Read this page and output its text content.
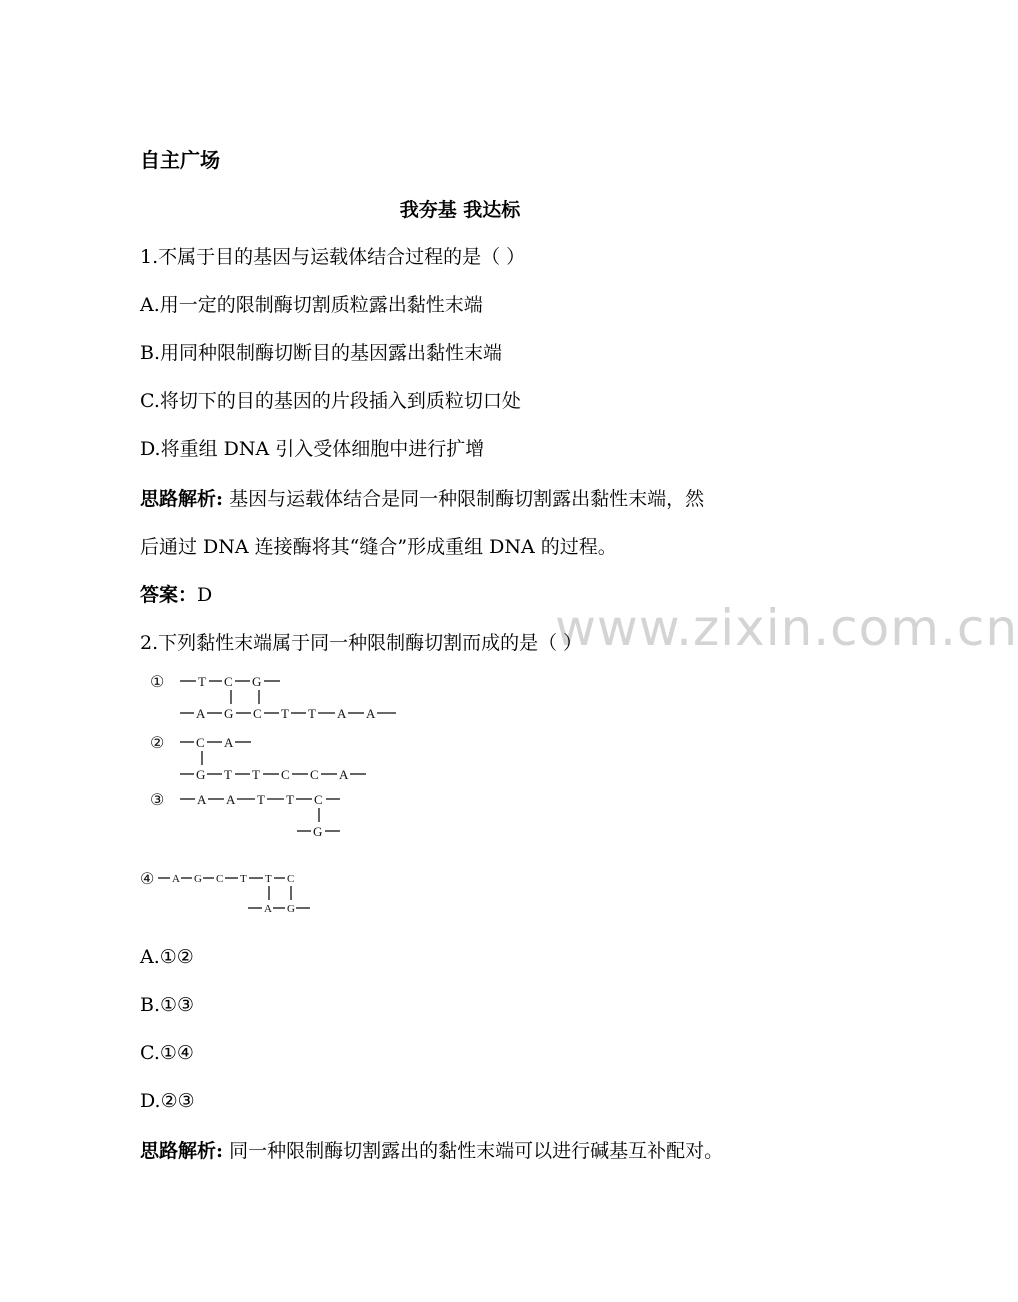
www.zixin.com.cn
自主广场
我夯基 我达标
1.不属于目的基因与运载体结合过程的是（ ）
A.用一定的限制酶切割质粒露出黏性末端
B.用同种限制酶切断目的基因露出黏性末端
C.将切下的目的基因的片段插入到质粒切口处
D.将重组 DNA 引入受体细胞中进行扩增
思路解析: 基因与运载体结合是同一种限制酶切割露出黏性末端，然
后通过 DNA 连接酶将其“缝合”形成重组 DNA 的过程。
答案：D
2.下列黏性末端属于同一种限制酶切割而成的是（ ）
①	T C G
A G C T T A A
② C A
G T T C C A
③	A A T T C
G
④ A G C T T C
A G
A.①②
B.①③
C.①④
D.②③
思路解析: 同一种限制酶切割露出的黏性末端可以进行碱基互补配对。
